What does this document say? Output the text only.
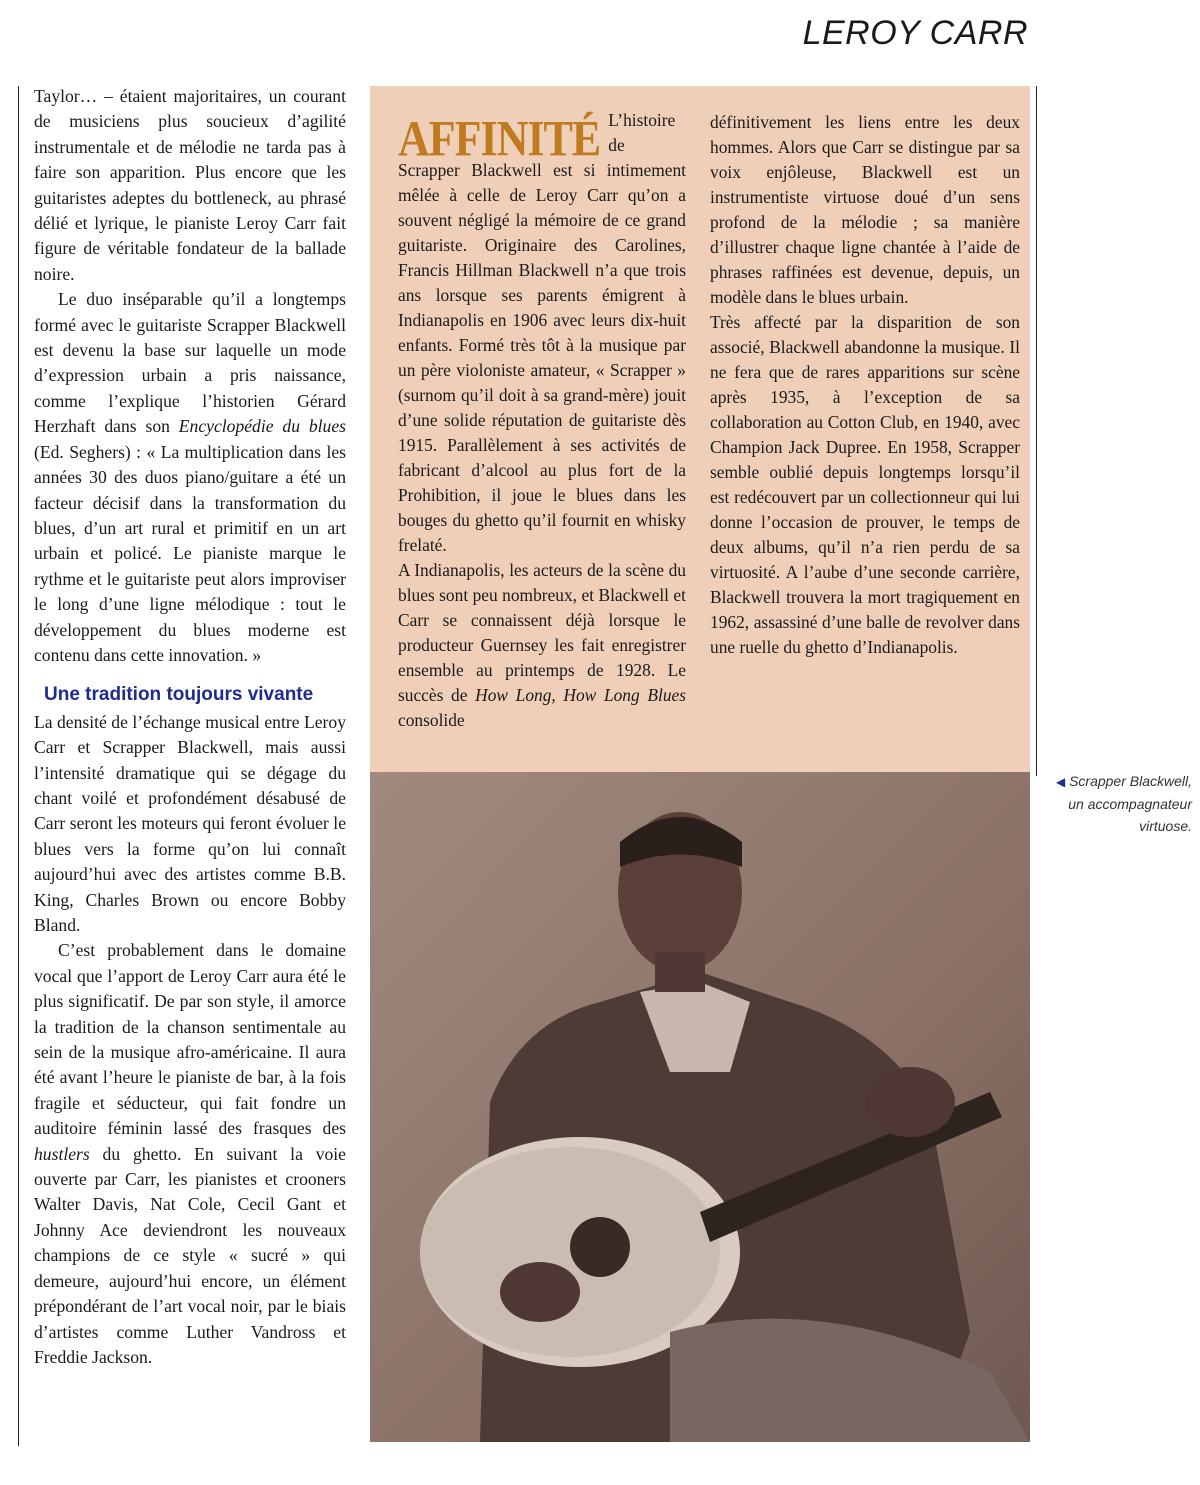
LEROY CARR

Taylor… – étaient majoritaires, un courant de musiciens plus soucieux d’agilité instrumentale et de mélodie ne tarda pas à faire son apparition. Plus encore que les guitaristes adeptes du bottleneck, au phrasé délié et lyrique, le pianiste Leroy Carr fait figure de véritable fondateur de la ballade noire.

Le duo inséparable qu’il a longtemps formé avec le guitariste Scrapper Blackwell est devenu la base sur laquelle un mode d’expression urbain a pris naissance, comme l’explique l’historien Gérard Herzhaft dans son Encyclopédie du blues (Ed. Seghers) : « La multiplication dans les années 30 des duos piano/guitare a été un facteur décisif dans la transformation du blues, d’un art rural et primitif en un art urbain et policé. Le pianiste marque le rythme et le guitariste peut alors improviser le long d’une ligne mélodique : tout le développement du blues moderne est contenu dans cette innovation. »

Une tradition toujours vivante

La densité de l’échange musical entre Leroy Carr et Scrapper Blackwell, mais aussi l’intensité dramatique qui se dégage du chant voilé et profondément désabusé de Carr seront les moteurs qui feront évoluer le blues vers la forme qu’on lui connaît aujourd’hui avec des artistes comme B.B. King, Charles Brown ou encore Bobby Bland.

C’est probablement dans le domaine vocal que l’apport de Leroy Carr aura été le plus significatif. De par son style, il amorce la tradition de la chanson sentimentale au sein de la musique afro-américaine. Il aura été avant l’heure le pianiste de bar, à la fois fragile et séducteur, qui fait fondre un auditoire féminin lassé des frasques des hustlers du ghetto. En suivant la voie ouverte par Carr, les pianistes et crooners Walter Davis, Nat Cole, Cecil Gant et Johnny Ace deviendront les nouveaux champions de ce style « sucré » qui demeure, aujourd’hui encore, un élément prépondérant de l’art vocal noir, par le biais d’artistes comme Luther Vandross et Freddie Jackson.

AFFINITÉ L’histoire de Scrapper Blackwell est si intimement mêlée à celle de Leroy Carr qu’on a souvent négligé la mémoire de ce grand guitariste. Originaire des Carolines, Francis Hillman Blackwell n’a que trois ans lorsque ses parents émigrent à Indianapolis en 1906 avec leurs dix-huit enfants. Formé très tôt à la musique par un père violoniste amateur, « Scrapper » (surnom qu’il doit à sa grand-mère) jouit d’une solide réputation de guitariste dès 1915. Parallèlement à ses activités de fabricant d’alcool au plus fort de la Prohibition, il joue le blues dans les bouges du ghetto qu’il fournit en whisky frelaté.

A Indianapolis, les acteurs de la scène du blues sont peu nombreux, et Blackwell et Carr se connaissent déjà lorsque le producteur Guernsey les fait enregistrer ensemble au printemps de 1928. Le succès de How Long, How Long Blues consolide

définitivement les liens entre les deux hommes. Alors que Carr se distingue par sa voix enjôleuse, Blackwell est un instrumentiste virtuose doué d’un sens profond de la mélodie ; sa manière d’illustrer chaque ligne chantée à l’aide de phrases raffinées est devenue, depuis, un modèle dans le blues urbain.

Très affecté par la disparition de son associé, Blackwell abandonne la musique. Il ne fera que de rares apparitions sur scène après 1935, à l’exception de sa collaboration au Cotton Club, en 1940, avec Champion Jack Dupree. En 1958, Scrapper semble oublié depuis longtemps lorsqu’il est redécouvert par un collectionneur qui lui donne l’occasion de prouver, le temps de deux albums, qu’il n’a rien perdu de sa virtuosité. A l’aube d’une seconde carrière, Blackwell trouvera la mort tragiquement en 1962, assassiné d’une balle de revolver dans une ruelle du ghetto d’Indianapolis.

◀ Scrapper Blackwell, un accompagnateur virtuose.
